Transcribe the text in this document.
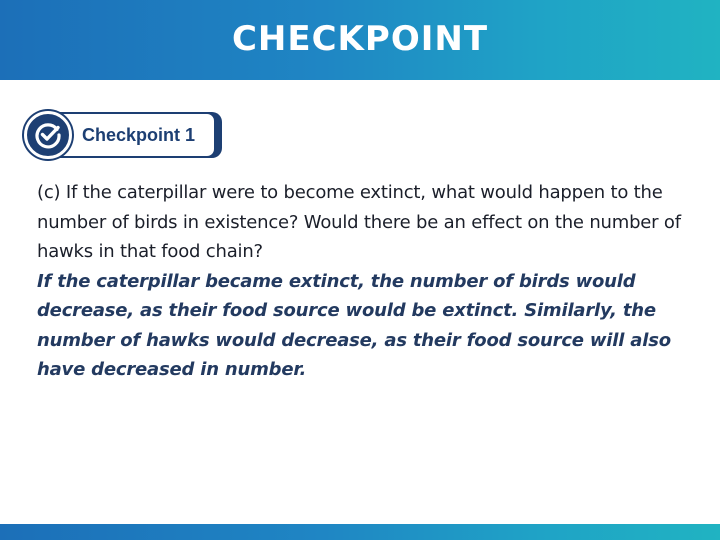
CHECKPOINT
Checkpoint 1

(c) If the caterpillar were to become extinct, what would happen to the number of birds in existence? Would there be an effect on the number of hawks in that food chain?

If the caterpillar became extinct, the number of birds would decrease, as their food source would be extinct. Similarly, the number of hawks would decrease, as their food source will also have decreased in number.
